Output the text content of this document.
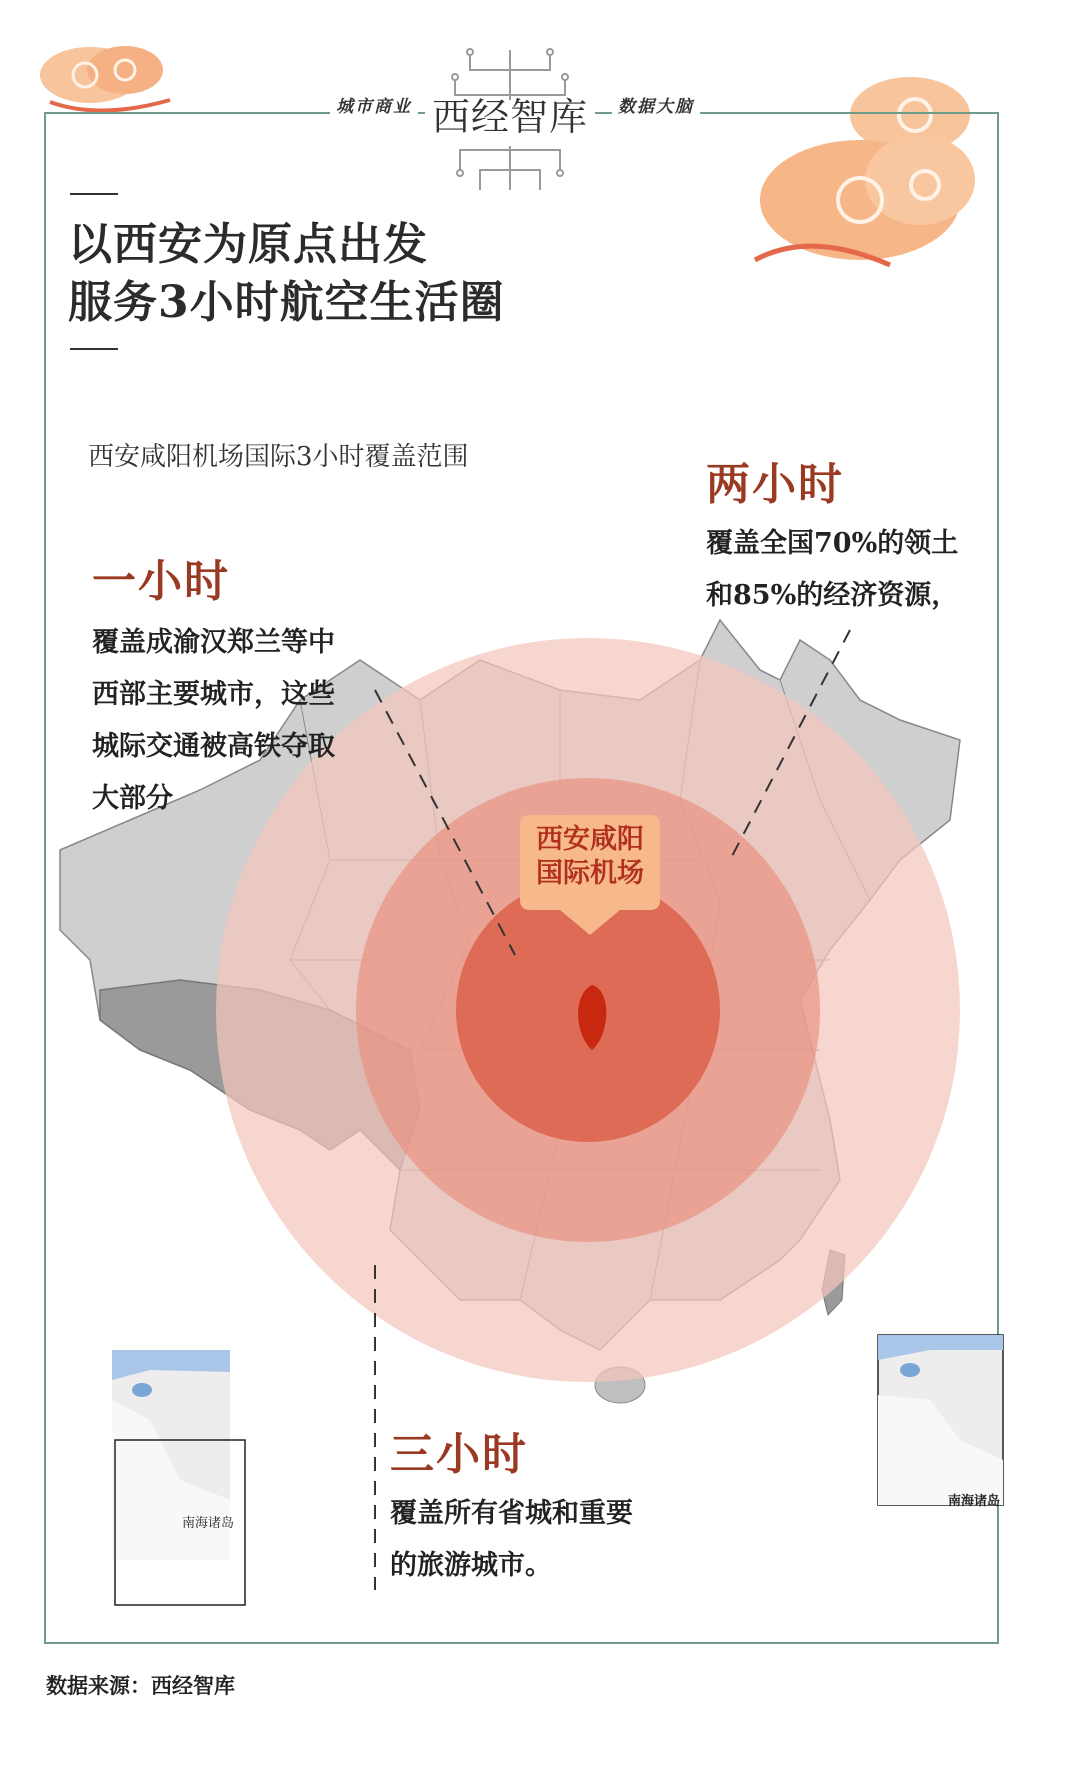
城市商业 西经智库	数据大脑
以西安为原点出发
服务3小时航空生活圈
西安咸阳机场国际3小时覆盖范围
西安咸阳
国际机场
南海诸岛
南海诸岛
一小时
覆盖成渝汉郑兰等中
西部主要城市，这些
城际交通被高铁夺取
大部分
两小时
覆盖全国70%的领土
和85%的经济资源，
三小时
覆盖所有省城和重要
的旅游城市。
数据来源：西经智库
